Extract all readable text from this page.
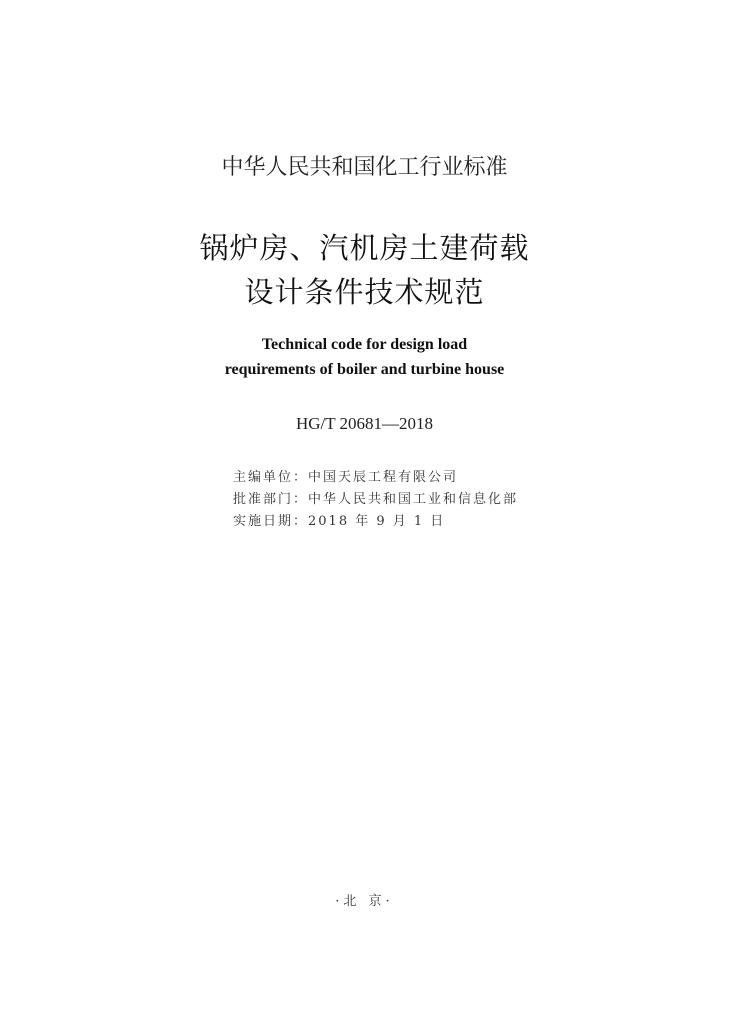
中华人民共和国化工行业标准
锅炉房、汽机房土建荷载
设计条件技术规范
Technical code for design load
requirements of boiler and turbine house
HG/T 20681—2018
主编单位：中国天辰工程有限公司
批准部门：中华人民共和国工业和信息化部
实施日期：2018 年 9 月 1 日
·北 京·
